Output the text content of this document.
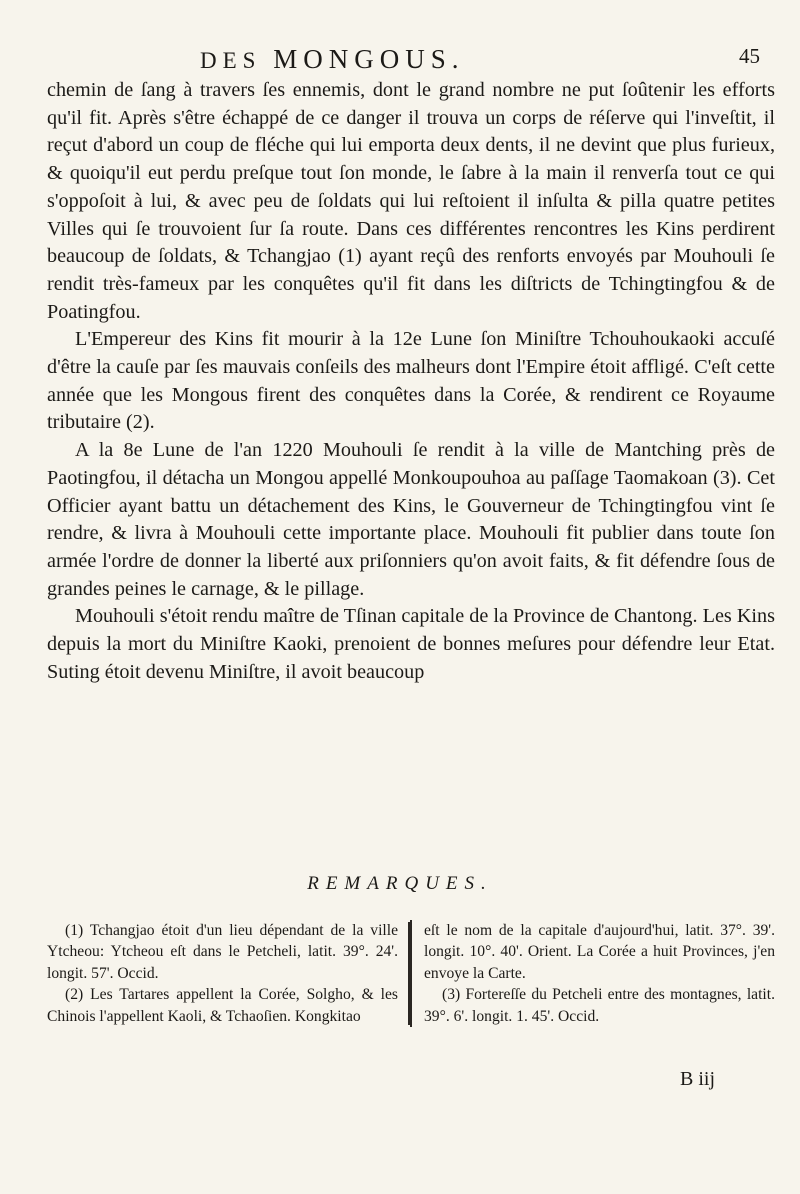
DES MONGOUS.	45

chemin de ſang à travers ſes ennemis, dont le grand nombre ne put ſoûtenir les efforts qu'il fit. Après s'être échappé de ce danger il trouva un corps de réſerve qui l'inveſtit, il reçut d'abord un coup de fléche qui lui emporta deux dents, il ne devint que plus furieux, & quoiqu'il eut perdu preſque tout ſon monde, le ſabre à la main il renverſa tout ce qui s'oppoſoit à lui, & avec peu de ſoldats qui lui reſtoient il inſulta & pilla quatre petites Villes qui ſe trouvoient ſur ſa route. Dans ces différentes rencontres les Kins perdirent beaucoup de ſoldats, & Tchangjao (1) ayant reçû des renforts envoyés par Mouhouli ſe rendit très-fameux par les conquêtes qu'il fit dans les diſtricts de Tchingtingfou & de Poatingfou.

L'Empereur des Kins fit mourir à la 12e Lune ſon Miniſtre Tchouhoukaoki accuſé d'être la cauſe par ſes mauvais conſeils des malheurs dont l'Empire étoit affligé. C'eſt cette année que les Mongous firent des conquêtes dans la Corée, & rendirent ce Royaume tributaire (2).

A la 8e Lune de l'an 1220 Mouhouli ſe rendit à la ville de Mantching près de Paotingfou, il détacha un Mongou appellé Monkoupouhoa au paſſage Taomakoan (3). Cet Officier ayant battu un détachement des Kins, le Gouverneur de Tchingtingfou vint ſe rendre, & livra à Mouhouli cette importante place. Mouhouli fit publier dans toute ſon armée l'ordre de donner la liberté aux priſonniers qu'on avoit faits, & fit défendre ſous de grandes peines le carnage, & le pillage.

Mouhouli s'étoit rendu maître de Tſinan capitale de la Province de Chantong. Les Kins depuis la mort du Miniſtre Kaoki, prenoient de bonnes meſures pour défendre leur Etat. Suting étoit devenu Miniſtre, il avoit beaucoup

REMARQUES.

(1) Tchangjao étoit d'un lieu dépendant de la ville Ytcheou: Ytcheou eſt dans le Petcheli, latit. 39°. 24'. longit. 57'. Occid.

(2) Les Tartares appellent la Corée, Solgho, & les Chinois l'appellent Kaoli, & Tchaoſien. Kongkitao

eſt le nom de la capitale d'aujourd'hui, latit. 37°. 39'. longit. 10°. 40'. Orient. La Corée a huit Provinces, j'en envoye la Carte.

(3) Fortereſſe du Petcheli entre des montagnes, latit. 39°. 6'. longit. 1. 45'. Occid.

B iij
